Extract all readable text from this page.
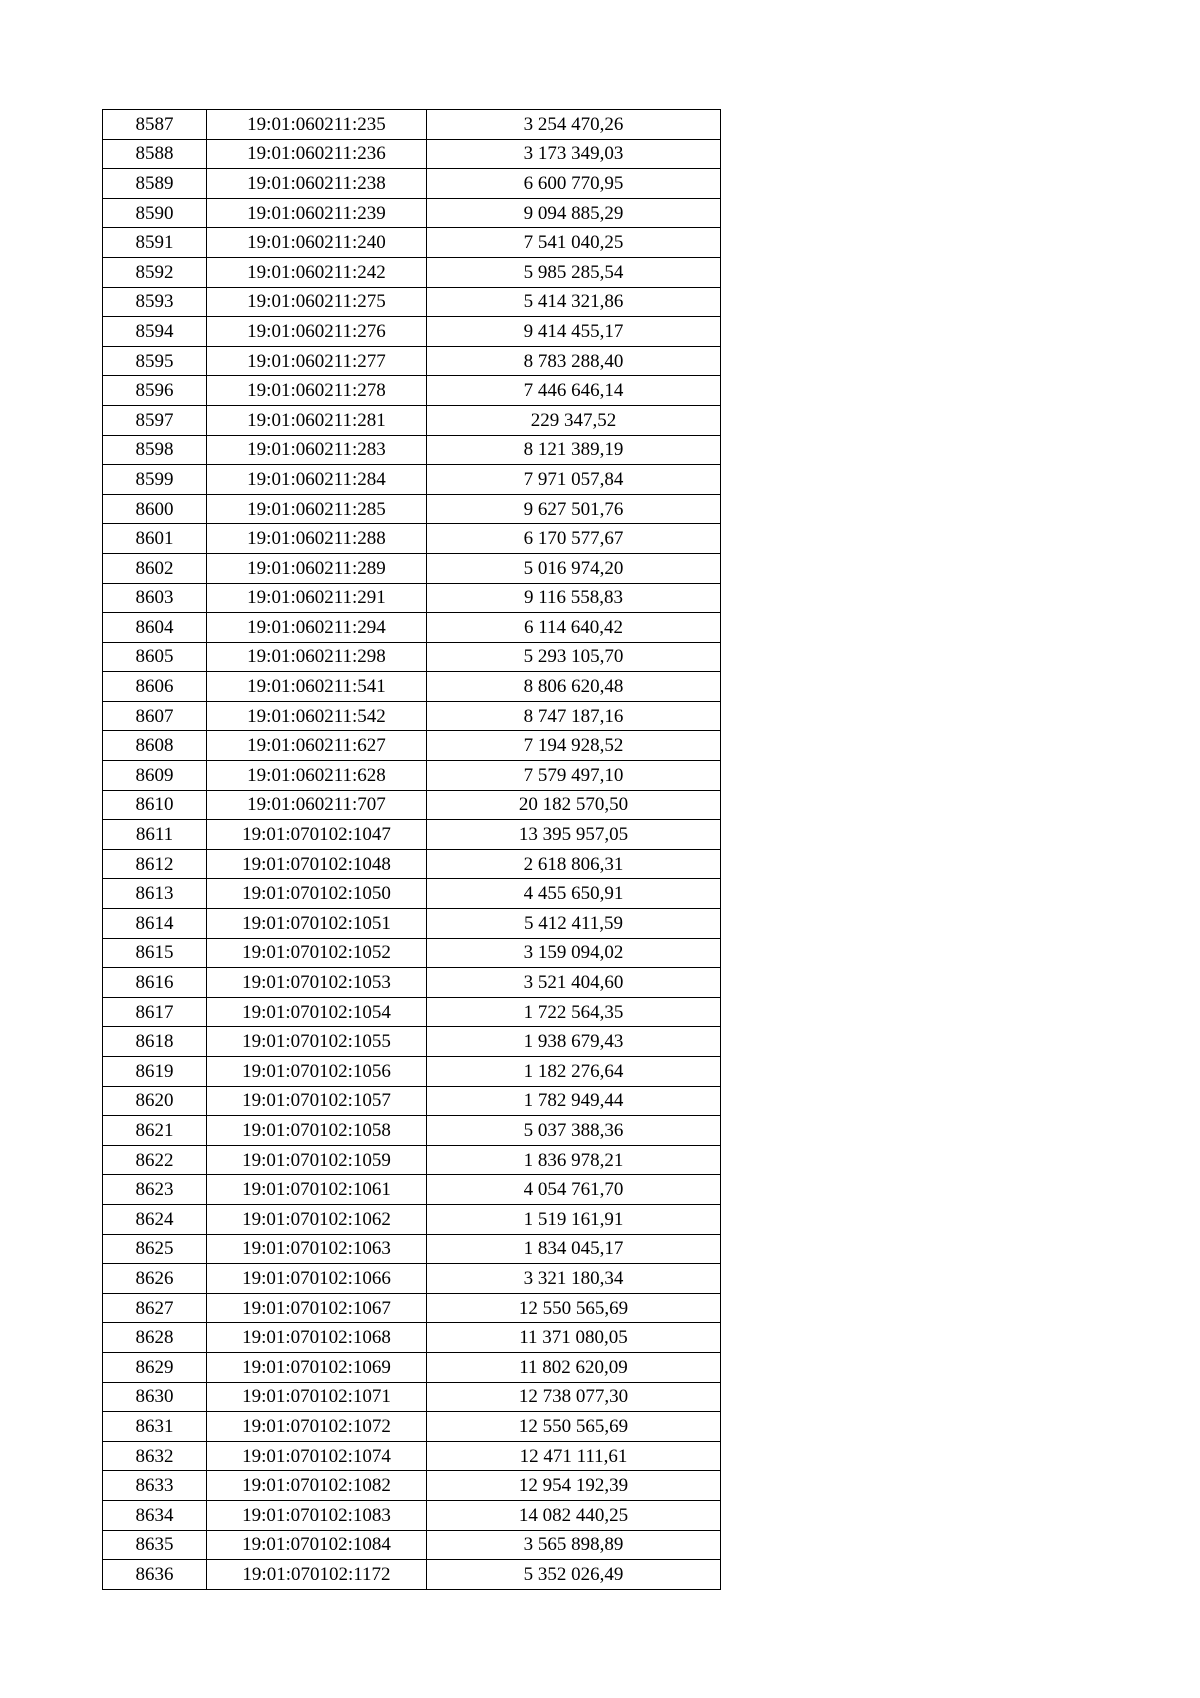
8587	19:01:060211:235	3 254 470,26
8588	19:01:060211:236	3 173 349,03
8589	19:01:060211:238	6 600 770,95
8590	19:01:060211:239	9 094 885,29
8591	19:01:060211:240	7 541 040,25
8592	19:01:060211:242	5 985 285,54
8593	19:01:060211:275	5 414 321,86
8594	19:01:060211:276	9 414 455,17
8595	19:01:060211:277	8 783 288,40
8596	19:01:060211:278	7 446 646,14
8597	19:01:060211:281	229 347,52
8598	19:01:060211:283	8 121 389,19
8599	19:01:060211:284	7 971 057,84
8600	19:01:060211:285	9 627 501,76
8601	19:01:060211:288	6 170 577,67
8602	19:01:060211:289	5 016 974,20
8603	19:01:060211:291	9 116 558,83
8604	19:01:060211:294	6 114 640,42
8605	19:01:060211:298	5 293 105,70
8606	19:01:060211:541	8 806 620,48
8607	19:01:060211:542	8 747 187,16
8608	19:01:060211:627	7 194 928,52
8609	19:01:060211:628	7 579 497,10
8610	19:01:060211:707	20 182 570,50
8611	19:01:070102:1047	13 395 957,05
8612	19:01:070102:1048	2 618 806,31
8613	19:01:070102:1050	4 455 650,91
8614	19:01:070102:1051	5 412 411,59
8615	19:01:070102:1052	3 159 094,02
8616	19:01:070102:1053	3 521 404,60
8617	19:01:070102:1054	1 722 564,35
8618	19:01:070102:1055	1 938 679,43
8619	19:01:070102:1056	1 182 276,64
8620	19:01:070102:1057	1 782 949,44
8621	19:01:070102:1058	5 037 388,36
8622	19:01:070102:1059	1 836 978,21
8623	19:01:070102:1061	4 054 761,70
8624	19:01:070102:1062	1 519 161,91
8625	19:01:070102:1063	1 834 045,17
8626	19:01:070102:1066	3 321 180,34
8627	19:01:070102:1067	12 550 565,69
8628	19:01:070102:1068	11 371 080,05
8629	19:01:070102:1069	11 802 620,09
8630	19:01:070102:1071	12 738 077,30
8631	19:01:070102:1072	12 550 565,69
8632	19:01:070102:1074	12 471 111,61
8633	19:01:070102:1082	12 954 192,39
8634	19:01:070102:1083	14 082 440,25
8635	19:01:070102:1084	3 565 898,89
8636	19:01:070102:1172	5 352 026,49
